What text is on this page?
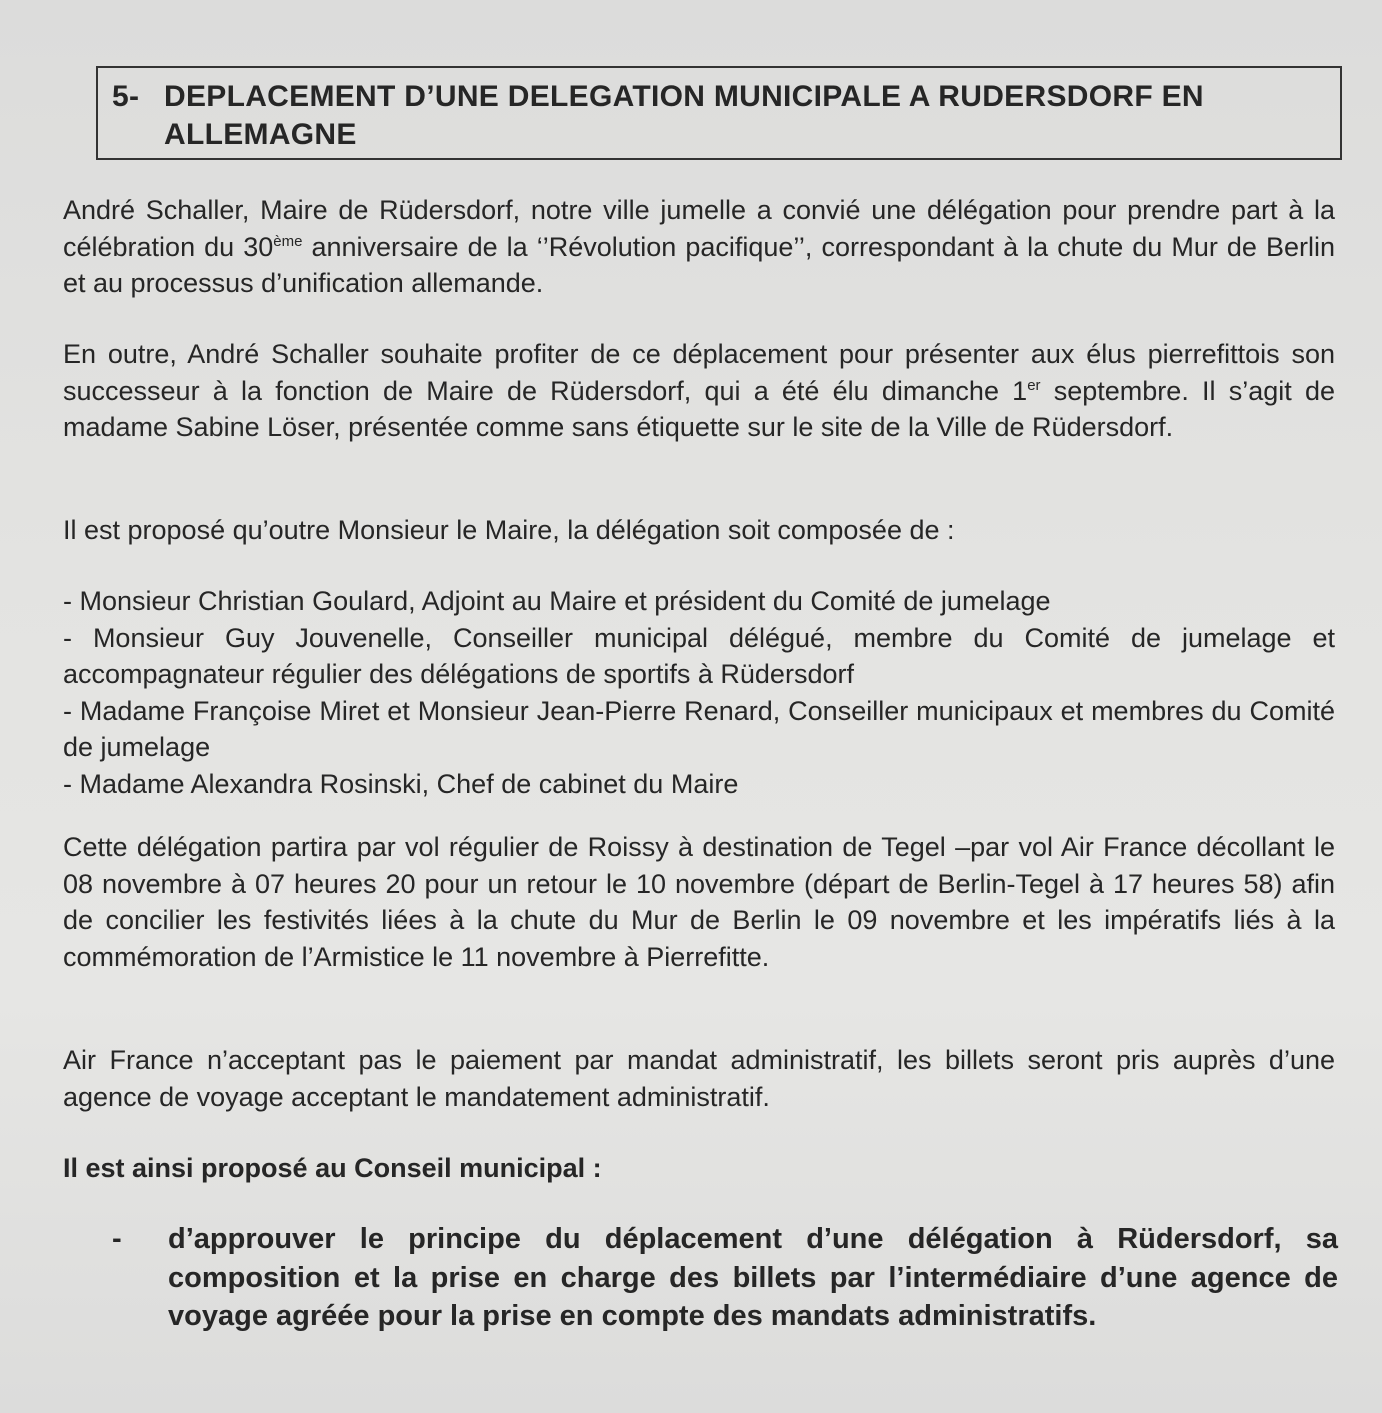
5- DEPLACEMENT D’UNE DELEGATION MUNICIPALE A RUDERSDORF EN ALLEMAGNE

André Schaller, Maire de Rüdersdorf, notre ville jumelle a convié une délégation pour prendre part à la célébration du 30ème anniversaire de la ‘’Révolution pacifique’’, correspondant à la chute du Mur de Berlin et au processus d’unification allemande.

En outre, André Schaller souhaite profiter de ce déplacement pour présenter aux élus pierrefittois son successeur à la fonction de Maire de Rüdersdorf, qui a été élu dimanche 1er septembre. Il s’agit de madame Sabine Löser, présentée comme sans étiquette sur le site de la Ville de Rüdersdorf.

Il est proposé qu’outre Monsieur le Maire, la délégation soit composée de :

- Monsieur Christian Goulard, Adjoint au Maire et président du Comité de jumelage
- Monsieur Guy Jouvenelle, Conseiller municipal délégué, membre du Comité de jumelage et accompagnateur régulier des délégations de sportifs à Rüdersdorf
- Madame Françoise Miret et Monsieur Jean-Pierre Renard, Conseiller municipaux et membres du Comité de jumelage
- Madame Alexandra Rosinski, Chef de cabinet du Maire

Cette délégation partira par vol régulier de Roissy à destination de Tegel –par vol Air France décollant le 08 novembre à 07 heures 20 pour un retour le 10 novembre (départ de Berlin-Tegel à 17 heures 58) afin de concilier les festivités liées à la chute du Mur de Berlin le 09 novembre et les impératifs liés à la commémoration de l’Armistice le 11 novembre à Pierrefitte.

Air France n’acceptant pas le paiement par mandat administratif, les billets seront pris auprès d’une agence de voyage acceptant le mandatement administratif.

Il est ainsi proposé au Conseil municipal :

- d’approuver le principe du déplacement d’une délégation à Rüdersdorf, sa composition et la prise en charge des billets par l’intermédiaire d’une agence de voyage agréée pour la prise en compte des mandats administratifs.
